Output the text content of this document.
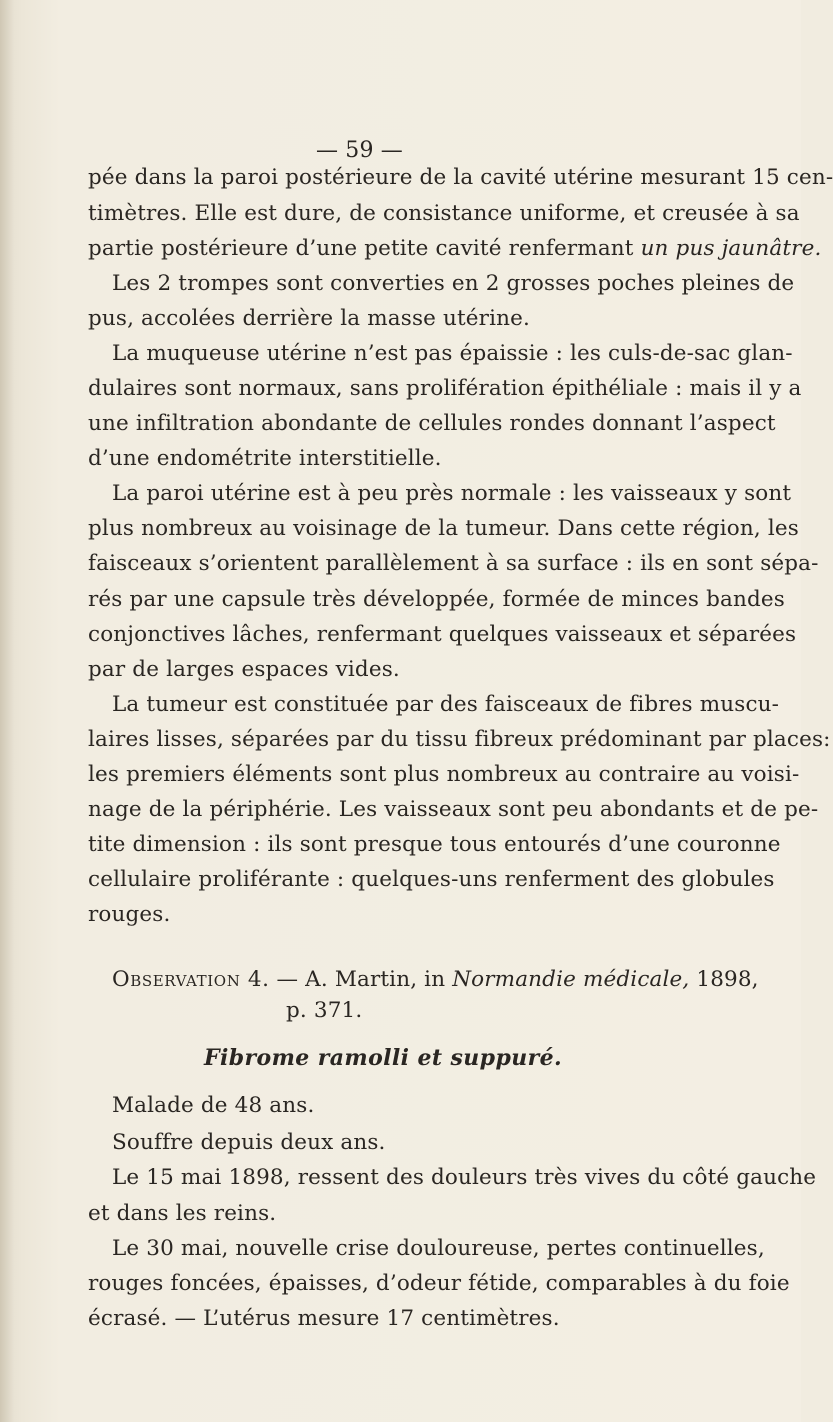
— 59 —
pée dans la paroi postérieure de la cavité utérine mesurant 15 cen-
timètres. Elle est dure, de consistance uniforme, et creusée à sa
partie postérieure d’une petite cavité renfermant un pus jaunâtre.
Les 2 trompes sont converties en 2 grosses poches pleines de
pus, accolées derrière la masse utérine.
La muqueuse utérine n’est pas épaissie : les culs-de-sac glan-
dulaires sont normaux, sans prolifération épithéliale : mais il y a
une infiltration abondante de cellules rondes donnant l’aspect
d’une endométrite interstitielle.
La paroi utérine est à peu près normale : les vaisseaux y sont
plus nombreux au voisinage de la tumeur. Dans cette région, les
faisceaux s’orientent parallèlement à sa surface : ils en sont sépa-
rés par une capsule très développée, formée de minces bandes
conjonctives lâches, renfermant quelques vaisseaux et séparées
par de larges espaces vides.
La tumeur est constituée par des faisceaux de fibres muscu-
laires lisses, séparées par du tissu fibreux prédominant par places:
les premiers éléments sont plus nombreux au contraire au voisi-
nage de la périphérie. Les vaisseaux sont peu abondants et de pe-
tite dimension : ils sont presque tous entourés d’une couronne
cellulaire proliférante : quelques-uns renferment des globules
rouges.
Observation 4. — A. Martin, in Normandie médicale, 1898,
p. 371.
Fibrome ramolli et suppuré.
Malade de 48 ans.
Souffre depuis deux ans.
Le 15 mai 1898, ressent des douleurs très vives du côté gauche
et dans les reins.
Le 30 mai, nouvelle crise douloureuse, pertes continuelles,
rouges foncées, épaisses, d’odeur fétide, comparables à du foie
écrasé. — L’utérus mesure 17 centimètres.
